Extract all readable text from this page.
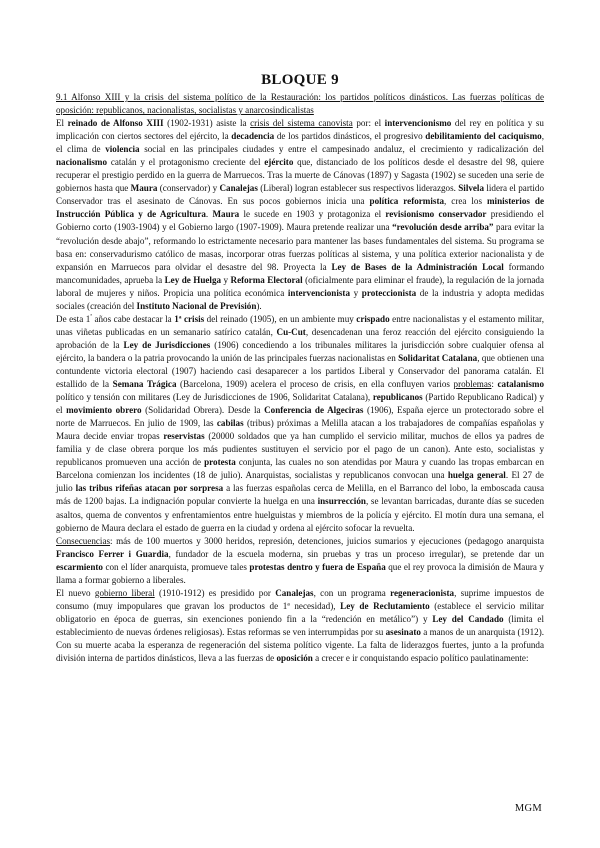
BLOQUE 9

9.1 Alfonso XIII y la crisis del sistema político de la Restauración: los partidos políticos dinásticos. Las fuerzas políticas de oposición: republicanos, nacionalistas, socialistas y anarcosindicalistas

El reinado de Alfonso XIII (1902-1931) asiste la crisis del sistema canovista por: el intervencionismo del rey en política y su implicación con ciertos sectores del ejército, la decadencia de los partidos dinásticos, el progresivo debilitamiento del caciquismo, el clima de violencia social en las principales ciudades y entre el campesinado andaluz, el crecimiento y radicalización del nacionalismo catalán y el protagonismo creciente del ejército que, distanciado de los políticos desde el desastre del 98, quiere recuperar el prestigio perdido en la guerra de Marruecos. Tras la muerte de Cánovas (1897) y Sagasta (1902) se suceden una serie de gobiernos hasta que Maura (conservador) y Canalejas (Liberal) logran establecer sus respectivos liderazgos. Silvela lidera el partido Conservador tras el asesinato de Cánovas. En sus pocos gobiernos inicia una política reformista, crea los ministerios de Instrucción Pública y de Agricultura. Maura le sucede en 1903 y protagoniza el revisionismo conservador presidiendo el Gobierno corto (1903-1904) y el Gobierno largo (1907-1909). Maura pretende realizar una “revolución desde arriba” para evitar la “revolución desde abajo”, reformando lo estrictamente necesario para mantener las bases fundamentales del sistema. Su programa se basa en: conservadurismo católico de masas, incorporar otras fuerzas políticas al sistema, y una política exterior nacionalista y de expansión en Marruecos para olvidar el desastre del 98. Proyecta la Ley de Bases de la Administración Local formando mancomunidades, aprueba la Ley de Huelga y Reforma Electoral (oficialmente para eliminar el fraude), la regulación de la jornada laboral de mujeres y niños. Propicia una política económica intervencionista y proteccionista de la industria y adopta medidas sociales (creación del Instituto Nacional de Previsión).

De esta $1^ª$ años cabe destacar la 1ª crisis del reinado (1905), en un ambiente muy crispado entre nacionalistas y el estamento militar, unas viñetas publicadas en un semanario satírico catalán, Cu-Cut, desencadenan una feroz reacción del ejército consiguiendo la aprobación de la Ley de Jurisdicciones (1906) concediendo a los tribunales militares la jurisdicción sobre cualquier ofensa al ejército, la bandera o la patria provocando la unión de las principales fuerzas nacionalistas en Solidaritat Catalana, que obtienen una contundente victoria electoral (1907) haciendo casi desaparecer a los partidos Liberal y Conservador del panorama catalán. El estallido de la Semana Trágica (Barcelona, 1909) acelera el proceso de crisis, en ella confluyen varios problemas: catalanismo político y tensión con militares (Ley de Jurisdicciones de 1906, Solidaritat Catalana), republicanos (Partido Republicano Radical) y el movimiento obrero (Solidaridad Obrera). Desde la Conferencia de Algeciras (1906), España ejerce un protectorado sobre el norte de Marruecos. En julio de 1909, las cabilas (tribus) próximas a Melilla atacan a los trabajadores de compañías españolas y Maura decide enviar tropas reservistas (20000 soldados que ya han cumplido el servicio militar, muchos de ellos ya padres de familia y de clase obrera porque los más pudientes sustituyen el servicio por el pago de un canon). Ante esto, socialistas y republicanos promueven una acción de protesta conjunta, las cuales no son atendidas por Maura y cuando las tropas embarcan en Barcelona comienzan los incidentes (18 de julio). Anarquistas, socialistas y republicanos convocan una huelga general. El 27 de julio las tribus rifeñas atacan por sorpresa a las fuerzas españolas cerca de Melilla, en el Barranco del lobo, la emboscada causa más de 1200 bajas. La indignación popular convierte la huelga en una insurrección, se levantan barricadas, durante días se suceden asaltos, quema de conventos y enfrentamientos entre huelguistas y miembros de la policía y ejército. El motín dura una semana, el gobierno de Maura declara el estado de guerra en la ciudad y ordena al ejército sofocar la revuelta.

Consecuencias: más de 100 muertos y 3000 heridos, represión, detenciones, juicios sumarios y ejecuciones (pedagogo anarquista Francisco Ferrer i Guardia, fundador de la escuela moderna, sin pruebas y tras un proceso irregular), se pretende dar un escarmiento con el líder anarquista, promueve tales protestas dentro y fuera de España que el rey provoca la dimisión de Maura y llama a formar gobierno a liberales.

El nuevo gobierno liberal (1910-1912) es presidido por Canalejas, con un programa regeneracionista, suprime impuestos de consumo (muy impopulares que gravan los productos de 1ª necesidad), Ley de Reclutamiento (establece el servicio militar obligatorio en época de guerras, sin exenciones poniendo fin a la “redención en metálico”) y Ley del Candado (limita el establecimiento de nuevas órdenes religiosas). Estas reformas se ven interrumpidas por su asesinato a manos de un anarquista (1912). Con su muerte acaba la esperanza de regeneración del sistema político vigente. La falta de liderazgos fuertes, junto a la profunda división interna de partidos dinásticos, lleva a las fuerzas de oposición a crecer e ir conquistando espacio político paulatinamente:

MGM
